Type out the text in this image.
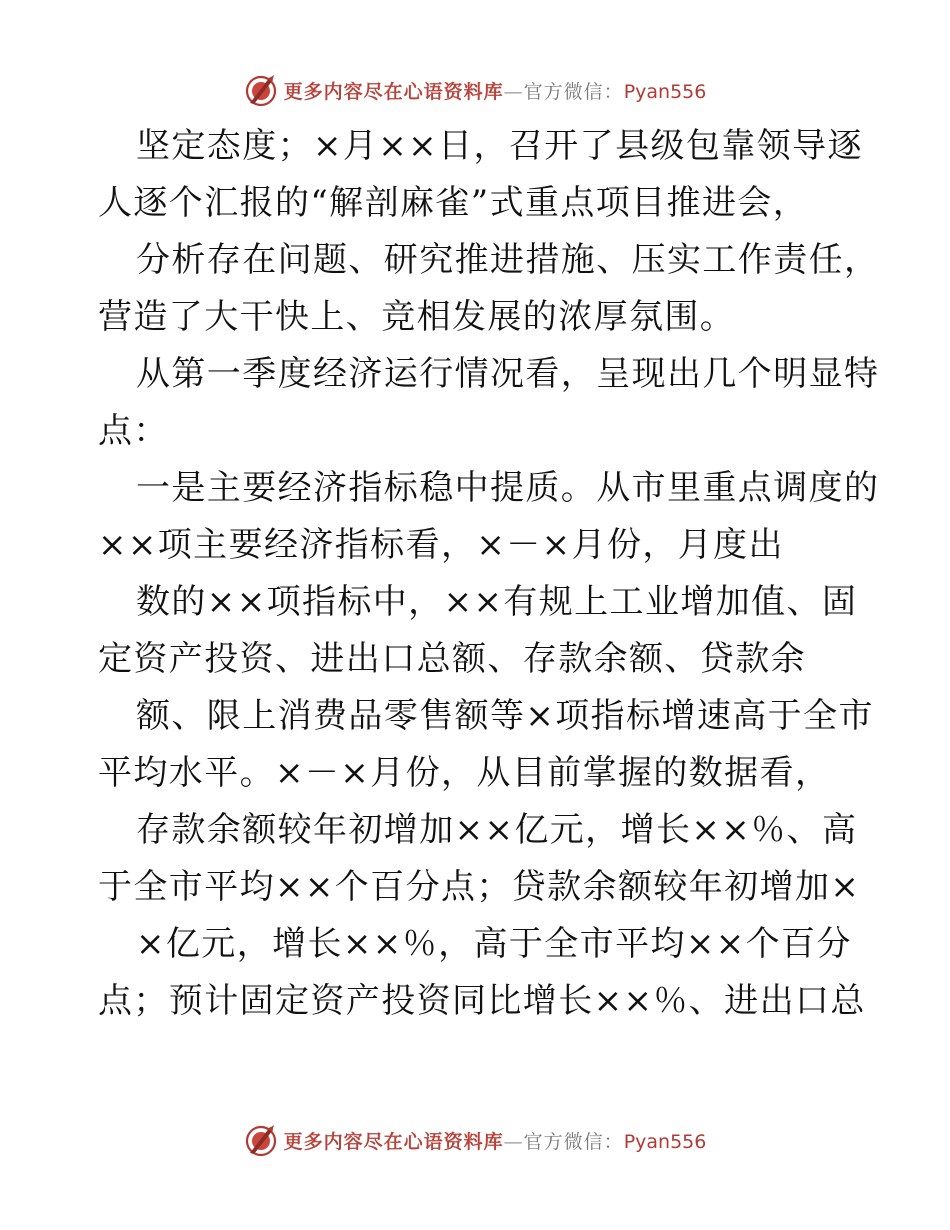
更多内容尽在心语资料库—官方微信：Pyan556
坚定态度；×月××日，召开了县级包靠领导逐
人逐个汇报的“解剖麻雀”式重点项目推进会，
分析存在问题、研究推进措施、压实工作责任，
营造了大干快上、竞相发展的浓厚氛围。
从第一季度经济运行情况看，呈现出几个明显特
点：
一是主要经济指标稳中提质。从市里重点调度的
××项主要经济指标看，×－×月份，月度出
数的××项指标中，××有规上工业增加值、固
定资产投资、进出口总额、存款余额、贷款余
额、限上消费品零售额等×项指标增速高于全市
平均水平。×－×月份，从目前掌握的数据看，
存款余额较年初增加××亿元，增长××％、高
于全市平均××个百分点；贷款余额较年初增加×
×亿元，增长××％，高于全市平均××个百分
点；预计固定资产投资同比增长××％、进出口总
更多内容尽在心语资料库—官方微信：Pyan556
